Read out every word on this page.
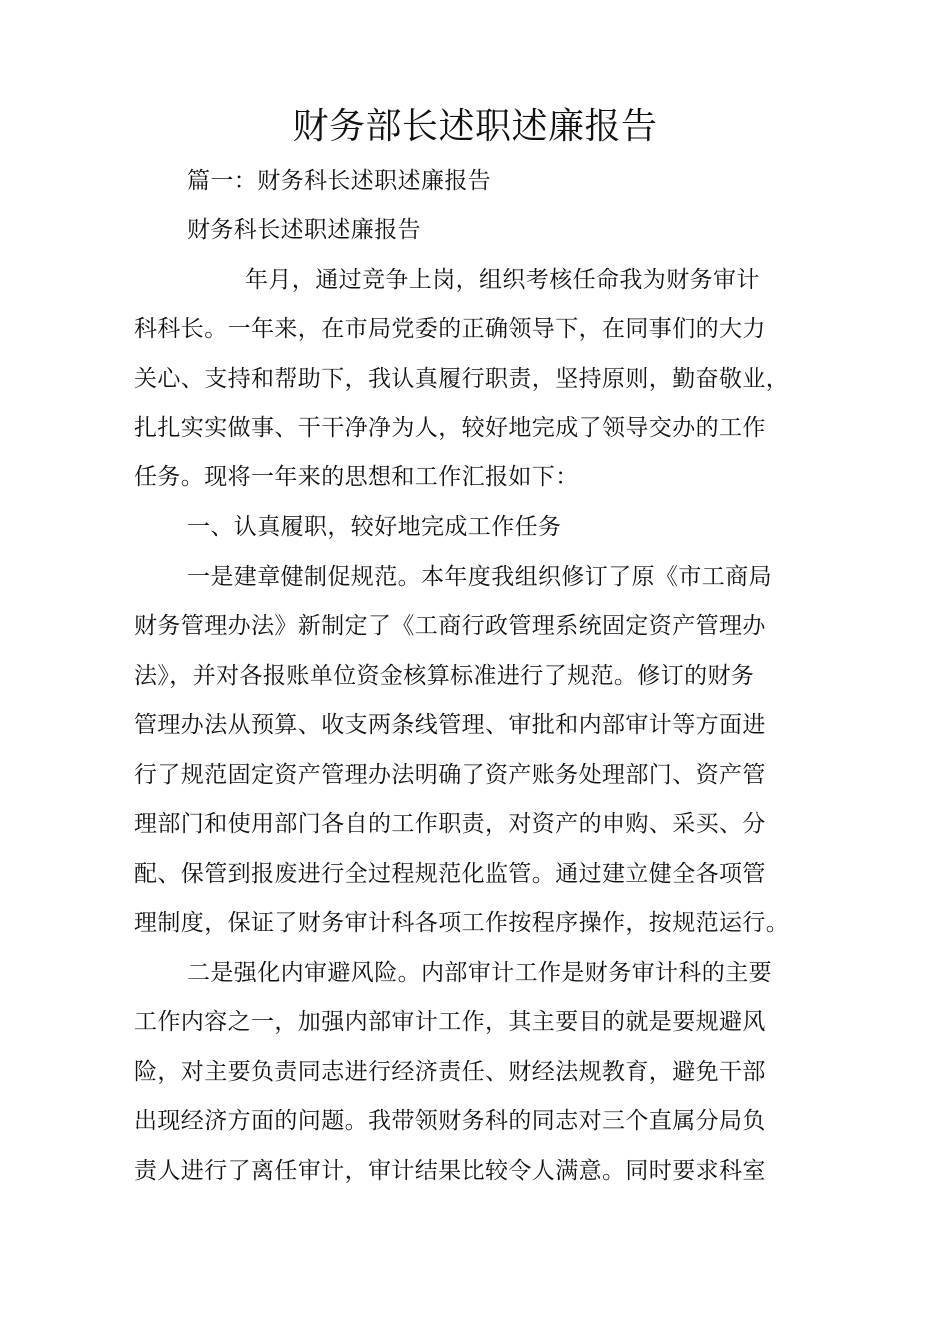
财务部长述职述廉报告
篇一：财务科长述职述廉报告
财务科长述职述廉报告
年月，通过竞争上岗，组织考核任命我为财务审计
科科长。一年来，在市局党委的正确领导下，在同事们的大力
关心、支持和帮助下，我认真履行职责，坚持原则，勤奋敬业，
扎扎实实做事、干干净净为人，较好地完成了领导交办的工作
任务。现将一年来的思想和工作汇报如下：
一、认真履职，较好地完成工作任务
一是建章健制促规范。本年度我组织修订了原《市工商局
财务管理办法》新制定了《工商行政管理系统固定资产管理办
法》，并对各报账单位资金核算标准进行了规范。修订的财务
管理办法从预算、收支两条线管理、审批和内部审计等方面进
行了规范固定资产管理办法明确了资产账务处理部门、资产管
理部门和使用部门各自的工作职责，对资产的申购、采买、分
配、保管到报废进行全过程规范化监管。通过建立健全各项管
理制度，保证了财务审计科各项工作按程序操作，按规范运行。
二是强化内审避风险。内部审计工作是财务审计科的主要
工作内容之一，加强内部审计工作，其主要目的就是要规避风
险，对主要负责同志进行经济责任、财经法规教育，避免干部
出现经济方面的问题。我带领财务科的同志对三个直属分局负
责人进行了离任审计，审计结果比较令人满意。同时要求科室
